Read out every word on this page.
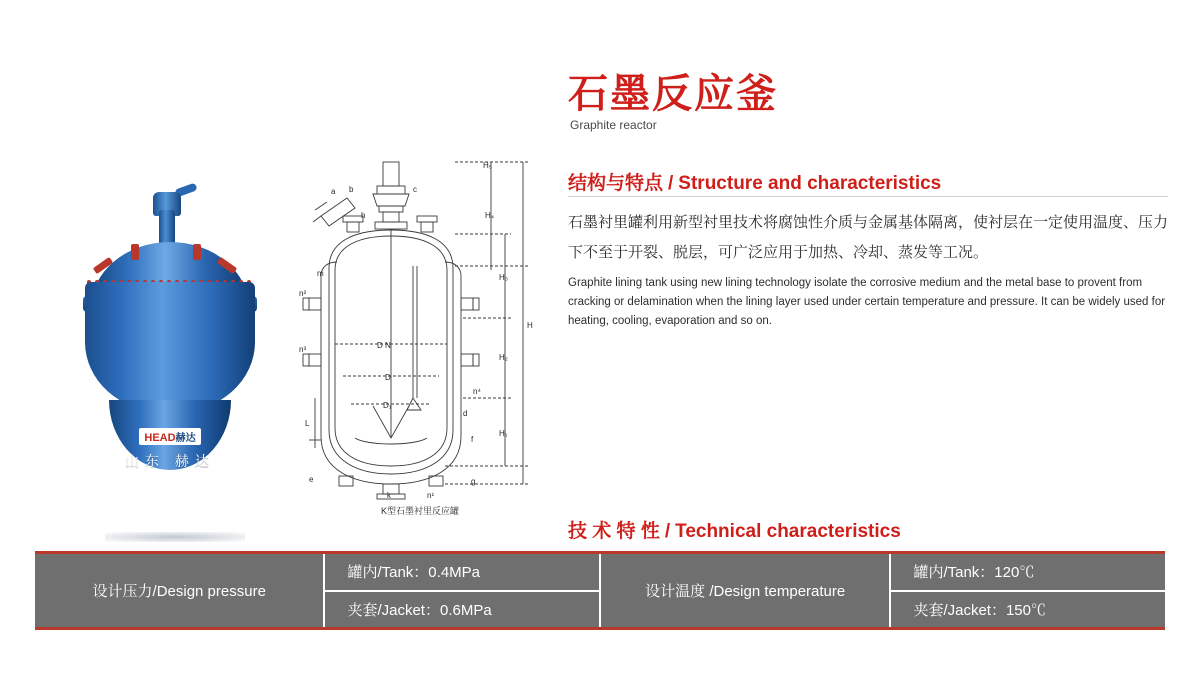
HEAD赫达
山东 赫达
H₄
H₃
H₂
H₁
H
H₅
D N
D
D₁
L
a b	c
d
e
f
g
h
k
m
n¹
n²
n³
n⁴
K型石墨衬里反应罐
石墨反应釜
Graphite reactor
结构与特点 / Structure and characteristics
石墨衬里罐利用新型衬里技术将腐蚀性介质与金属基体隔离，使衬层在一定使用温度、压力下不至于开裂、脱层，可广泛应用于加热、冷却、蒸发等工况。
Graphite lining tank using new lining technology isolate the corrosive medium and the metal base to provent from cracking or delamination when the lining layer used under certain temperature and pressure. It can be widely used for heating, cooling, evaporation and so on.
技 术 特 性 / Technical characteristics
设计压力/Design pressure
罐内/Tank：0.4MPa
夹套/Jacket：0.6MPa
设计温度 /Design temperature
罐内/Tank：120℃
夹套/Jacket：150℃
